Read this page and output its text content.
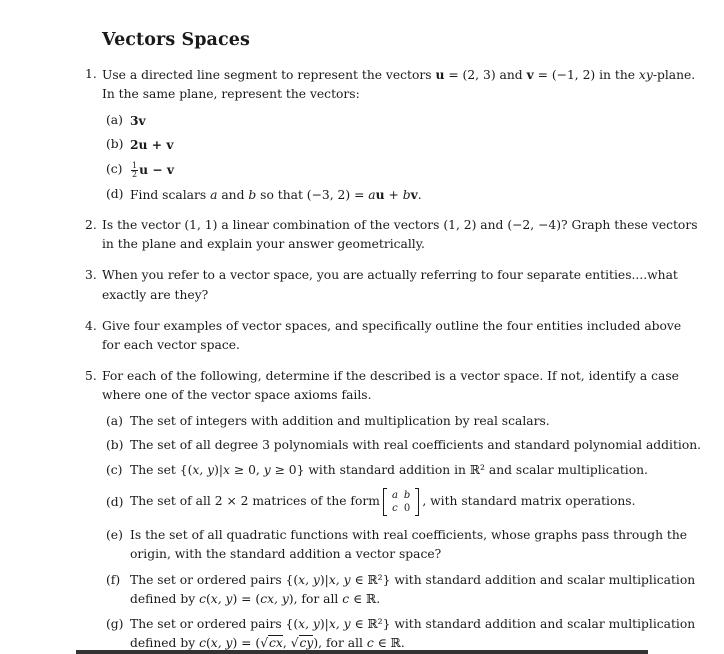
Vectors Spaces
1. Use a directed line segment to represent the vectors u = (2, 3) and v = (−1, 2) in the xy-plane.
In the same plane, represent the vectors:
(a) 3v
(b) 2u + v
$(c) \frac{1}{2}$ u − v
(d) Find scalars a and b so that (−3, 2) = au + bv.
2. Is the vector (1, 1) a linear combination of the vectors (1, 2) and (−2, −4)? Graph these vectors
in the plane and explain your answer geometrically.
3. When you refer to a vector space, you are actually referring to four separate entities....what
exactly are they?
4. Give four examples of vector spaces, and specifically outline the four entities included above
for each vector space.
5. For each of the following, determine if the described is a vector space. If not, identify a case
where one of the vector space axioms fails.
(a) The set of integers with addition and multiplication by real scalars.
(b) The set of all degree 3 polynomials with real coefficients and standard polynomial addition.
(c) The set {(x, y)|x ≥ 0, y ≥ 0} with standard addition in ℝ² and scalar multiplication.
(d) The set of all 2 × 2 matrices of the form a	b
c	0 , with standard matrix operations.
(e) Is the set of all quadratic functions with real coefficients, whose graphs pass through the
origin, with the standard addition a vector space?
(f) The set or ordered pairs {(x, y)|x, y ∈ ℝ²} with standard addition and scalar multiplication
defined by c(x, y) = (cx, y), for all c ∈ ℝ.
(g) The set or ordered pairs {(x, y)|x, y ∈ ℝ²} with standard addition and scalar multiplication
defined by c(x, y) = (√cx, √cy), for all c ∈ ℝ.
